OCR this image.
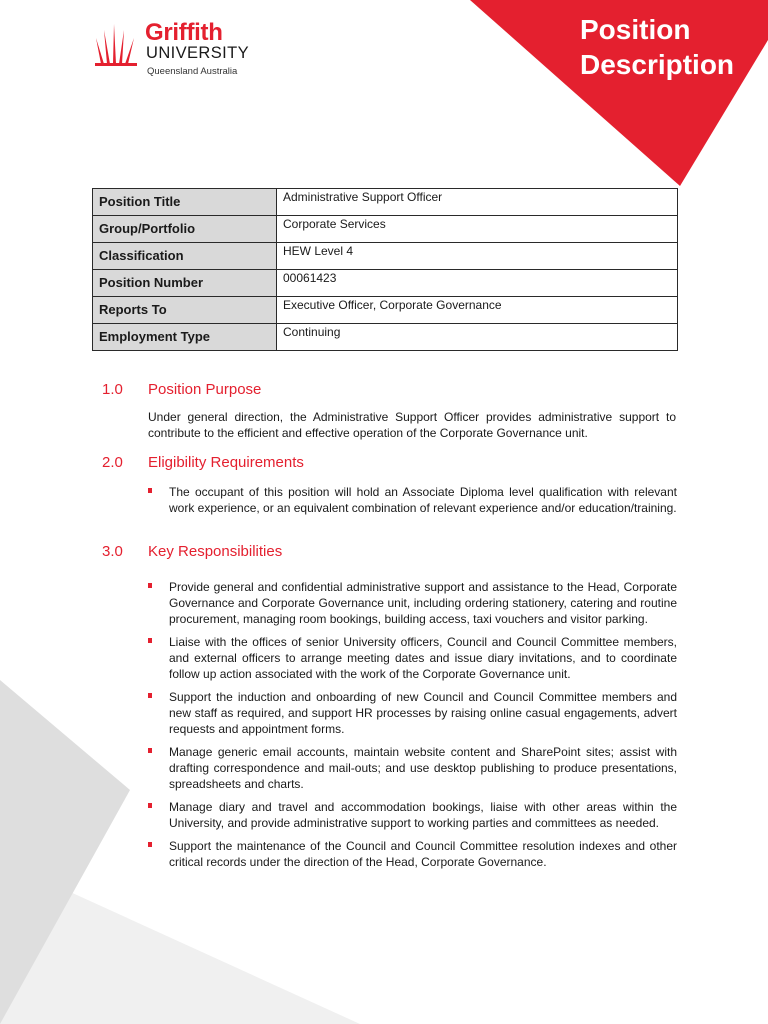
Griffith
UNIVERSITY
Queensland Australia
Position
Description
Position Title	Administrative Support Officer
Group/Portfolio	Corporate Services
Classification	HEW Level 4
Position Number	00061423
Reports To	Executive Officer, Corporate Governance
Employment Type	Continuing
1.0 Position Purpose
Under general direction, the Administrative Support Officer provides administrative support to contribute to the efficient and effective operation of the Corporate Governance unit.
2.0 Eligibility Requirements
The occupant of this position will hold an Associate Diploma level qualification with relevant work experience, or an equivalent combination of relevant experience and/or education/training.
3.0 Key Responsibilities
Provide general and confidential administrative support and assistance to the Head, Corporate Governance and Corporate Governance unit, including ordering stationery, catering and routine procurement, managing room bookings, building access, taxi vouchers and visitor parking.
Liaise with the offices of senior University officers, Council and Council Committee members, and external officers to arrange meeting dates and issue diary invitations, and to coordinate follow up action associated with the work of the Corporate Governance unit.
Support the induction and onboarding of new Council and Council Committee members and new staff as required, and support HR processes by raising online casual engagements, advert requests and appointment forms.
Manage generic email accounts, maintain website content and SharePoint sites; assist with drafting correspondence and mail-outs; and use desktop publishing to produce presentations, spreadsheets and charts.
Manage diary and travel and accommodation bookings, liaise with other areas within the University, and provide administrative support to working parties and committees as needed.
Support the maintenance of the Council and Council Committee resolution indexes and other critical records under the direction of the Head, Corporate Governance.
